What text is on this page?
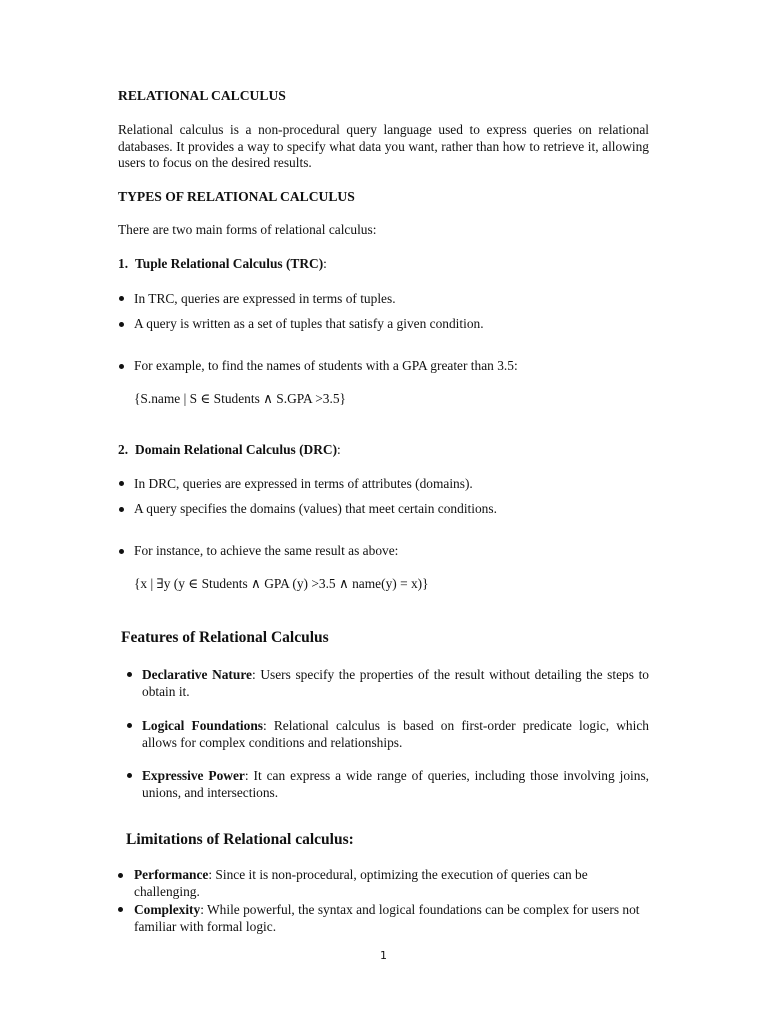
RELATIONAL CALCULUS
Relational calculus is a non-procedural query language used to express queries on relational databases. It provides a way to specify what data you want, rather than how to retrieve it, allowing users to focus on the desired results.
TYPES OF RELATIONAL CALCULUS
There are two main forms of relational calculus:
1. Tuple Relational Calculus (TRC):
In TRC, queries are expressed in terms of tuples.
A query is written as a set of tuples that satisfy a given condition.
For example, to find the names of students with a GPA greater than 3.5:
{S.name | S ∈ Students ∧ S.GPA >3.5}
2. Domain Relational Calculus (DRC):
In DRC, queries are expressed in terms of attributes (domains).
A query specifies the domains (values) that meet certain conditions.
For instance, to achieve the same result as above:
{x | ∃y (y ∈ Students ∧ GPA (y) >3.5 ∧ name(y) = x)}
Features of Relational Calculus
Declarative Nature: Users specify the properties of the result without detailing the steps to obtain it.
Logical Foundations: Relational calculus is based on first-order predicate logic, which allows for complex conditions and relationships.
Expressive Power: It can express a wide range of queries, including those involving joins, unions, and intersections.
Limitations of Relational calculus:
Performance: Since it is non-procedural, optimizing the execution of queries can be challenging.
Complexity: While powerful, the syntax and logical foundations can be complex for users not familiar with formal logic.
1
